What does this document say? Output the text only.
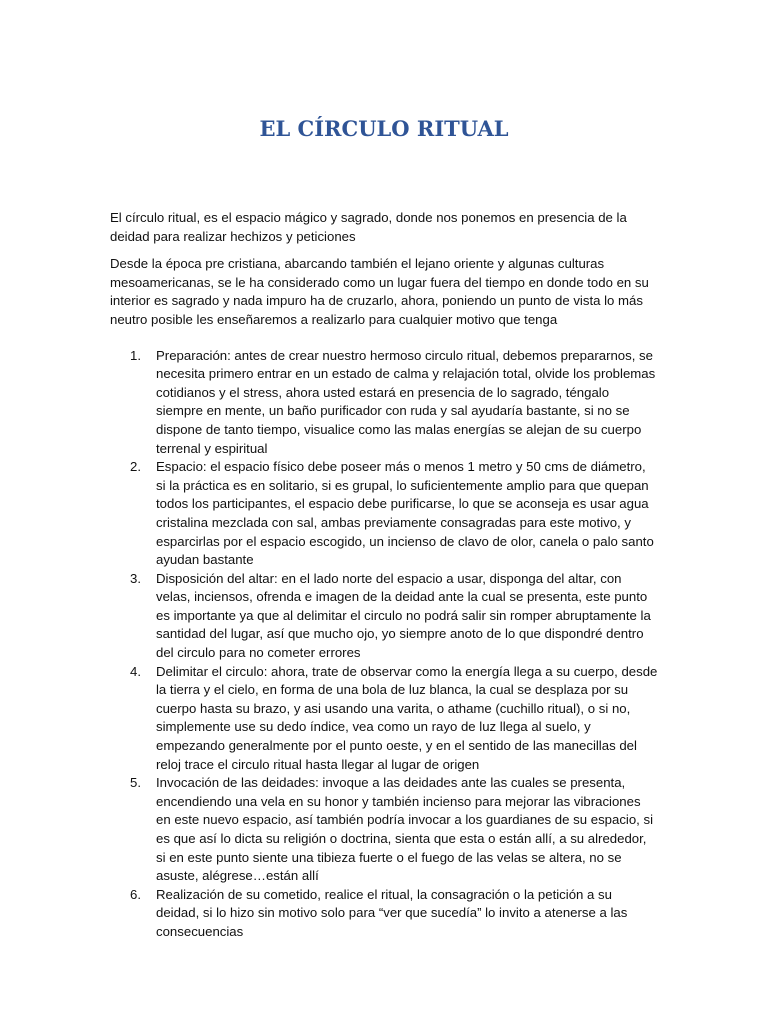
EL CÍRCULO RITUAL

El círculo ritual, es el espacio mágico y sagrado, donde nos ponemos en presencia de la deidad para realizar hechizos y peticiones

Desde la época pre cristiana, abarcando también el lejano oriente y algunas culturas mesoamericanas, se le ha considerado como un lugar fuera del tiempo en donde todo en su interior es sagrado y nada impuro ha de cruzarlo, ahora, poniendo un punto de vista lo más neutro posible les enseñaremos a realizarlo para cualquier motivo que tenga

1. Preparación: antes de crear nuestro hermoso circulo ritual, debemos prepararnos, se necesita primero entrar en un estado de calma y relajación total, olvide los problemas cotidianos y el stress, ahora usted estará en presencia de lo sagrado, téngalo siempre en mente, un baño purificador con ruda y sal ayudaría bastante, si no se dispone de tanto tiempo, visualice como las malas energías se alejan de su cuerpo terrenal y espiritual
2. Espacio: el espacio físico debe poseer más o menos 1 metro y 50 cms de diámetro, si la práctica es en solitario, si es grupal, lo suficientemente amplio para que quepan todos los participantes, el espacio debe purificarse, lo que se aconseja es usar agua cristalina mezclada con sal, ambas previamente consagradas para este motivo, y esparcirlas por el espacio escogido, un incienso de clavo de olor, canela o palo santo ayudan bastante
3. Disposición del altar: en el lado norte del espacio a usar, disponga del altar, con velas, inciensos, ofrenda e imagen de la deidad ante la cual se presenta, este punto es importante ya que al delimitar el circulo no podrá salir sin romper abruptamente la santidad del lugar, así que mucho ojo, yo siempre anoto de lo que dispondré dentro del circulo para no cometer errores
4. Delimitar el circulo: ahora, trate de observar como la energía llega a su cuerpo, desde la tierra y el cielo, en forma de una bola de luz blanca, la cual se desplaza por su cuerpo hasta su brazo, y asi usando una varita, o athame (cuchillo ritual), o si no, simplemente use su dedo índice, vea como un rayo de luz llega al suelo, y empezando generalmente por el punto oeste, y en el sentido de las manecillas del reloj trace el circulo ritual hasta llegar al lugar de origen
5. Invocación de las deidades: invoque a las deidades ante las cuales se presenta, encendiendo una vela en su honor y también incienso para mejorar las vibraciones en este nuevo espacio, así también podría invocar a los guardianes de su espacio, si es que así lo dicta su religión o doctrina, sienta que esta o están allí, a su alrededor, si en este punto siente una tibieza fuerte o el fuego de las velas se altera, no se asuste, alégrese…están allí
6. Realización de su cometido, realice el ritual, la consagración o la petición a su deidad, si lo hizo sin motivo solo para “ver que sucedía” lo invito a atenerse a las consecuencias
